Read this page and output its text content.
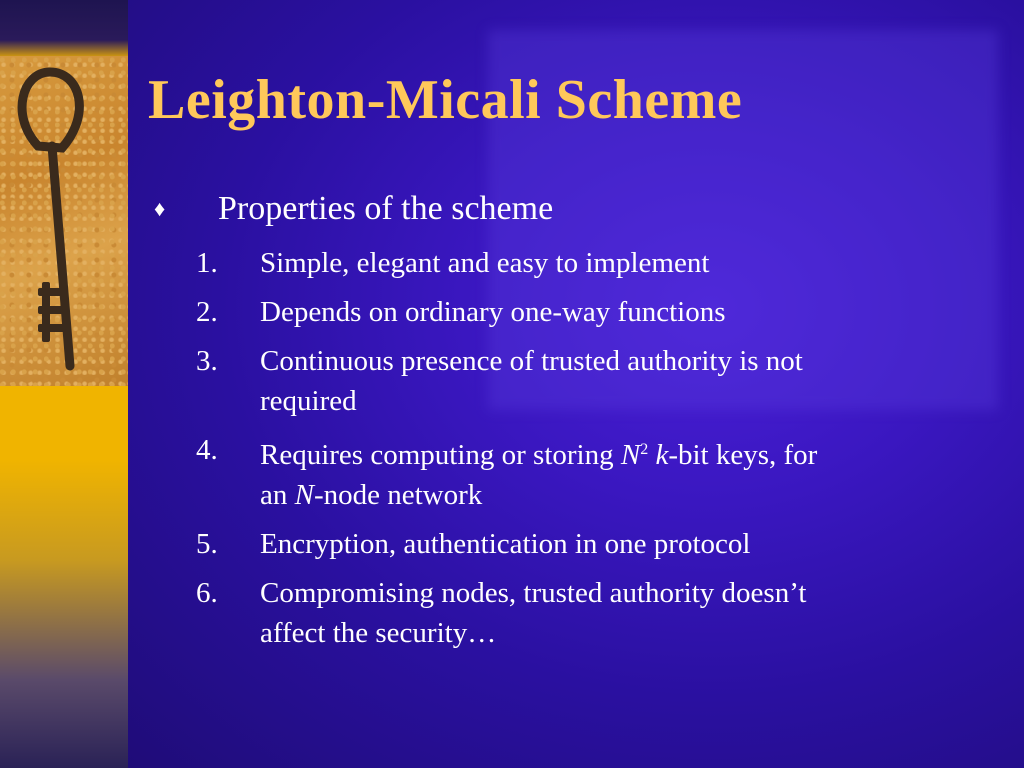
Leighton-Micali Scheme
♦ Properties of the scheme
1. Simple, elegant and easy to implement
2. Depends on ordinary one-way functions
3. Continuous presence of trusted authority is not
required
4. Requires computing or storing $N^2$ k-bit keys, for
an N-node network
5. Encryption, authentication in one protocol
6. Compromising nodes, trusted authority doesn’t
affect the security…
